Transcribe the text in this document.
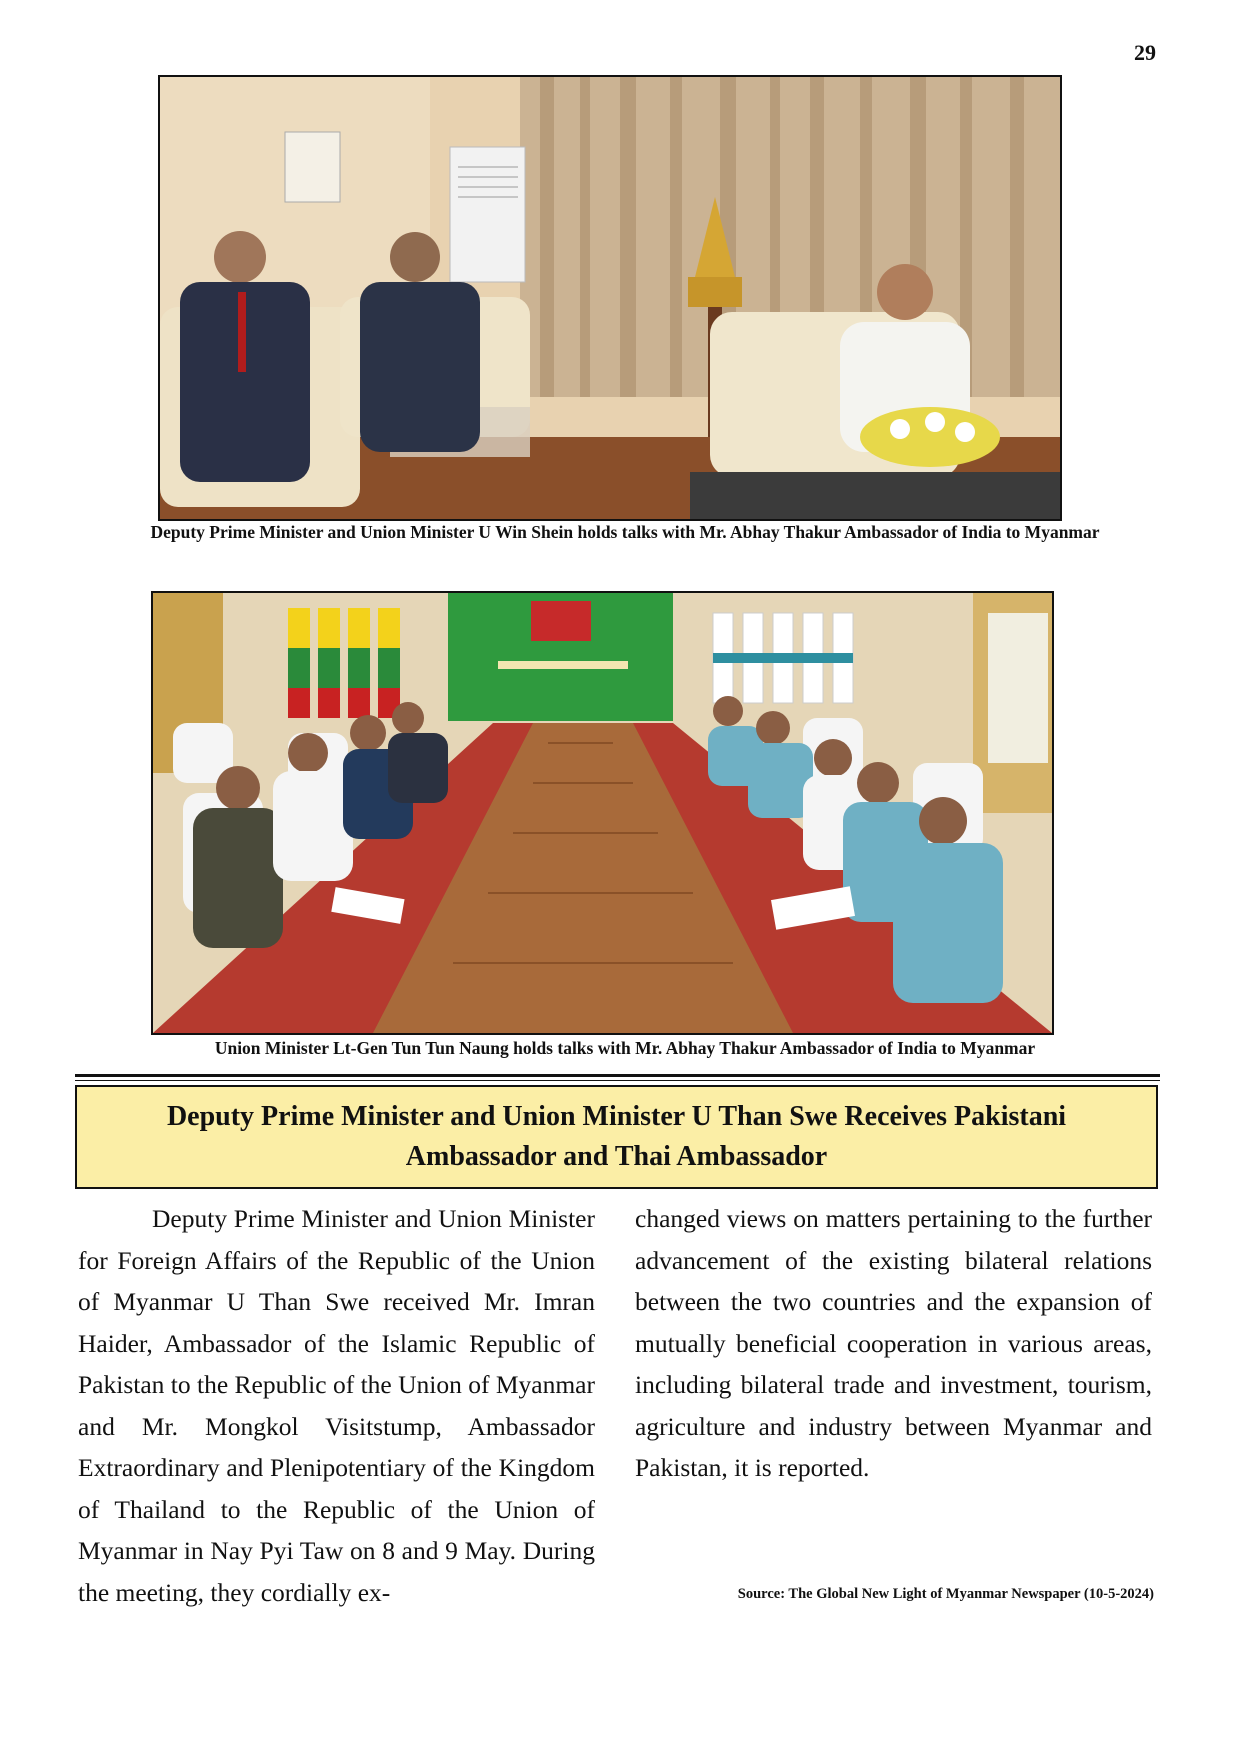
29
Deputy Prime Minister and Union Minister U Win Shein holds talks with Mr. Abhay Thakur Ambassador of India to Myanmar
Union Minister Lt-Gen Tun Tun Naung holds talks with Mr. Abhay Thakur Ambassador of India to Myanmar
Deputy Prime Minister and Union Minister U Than Swe Receives Pakistani Ambassador and Thai Ambassador

Deputy Prime Minister and Union Minister for Foreign Affairs of the Republic of the Union of Myanmar U Than Swe received Mr. Imran Haider, Ambassador of the Islamic Republic of Pakistan to the Republic of the Union of Myanmar and Mr. Mongkol Visitstump, Ambassador Extraordinary and Plenipotentiary of the Kingdom of Thailand to the Republic of the Union of Myanmar in Nay Pyi Taw on 8 and 9 May. During the meeting, they cordially ex-

changed views on matters pertaining to the further advancement of the existing bilateral relations between the two countries and the expansion of mutually beneficial cooperation in various areas, including bilateral trade and investment, tourism, agriculture and industry between Myanmar and Pakistan, it is reported.

Source: The Global New Light of Myanmar Newspaper (10-5-2024)
